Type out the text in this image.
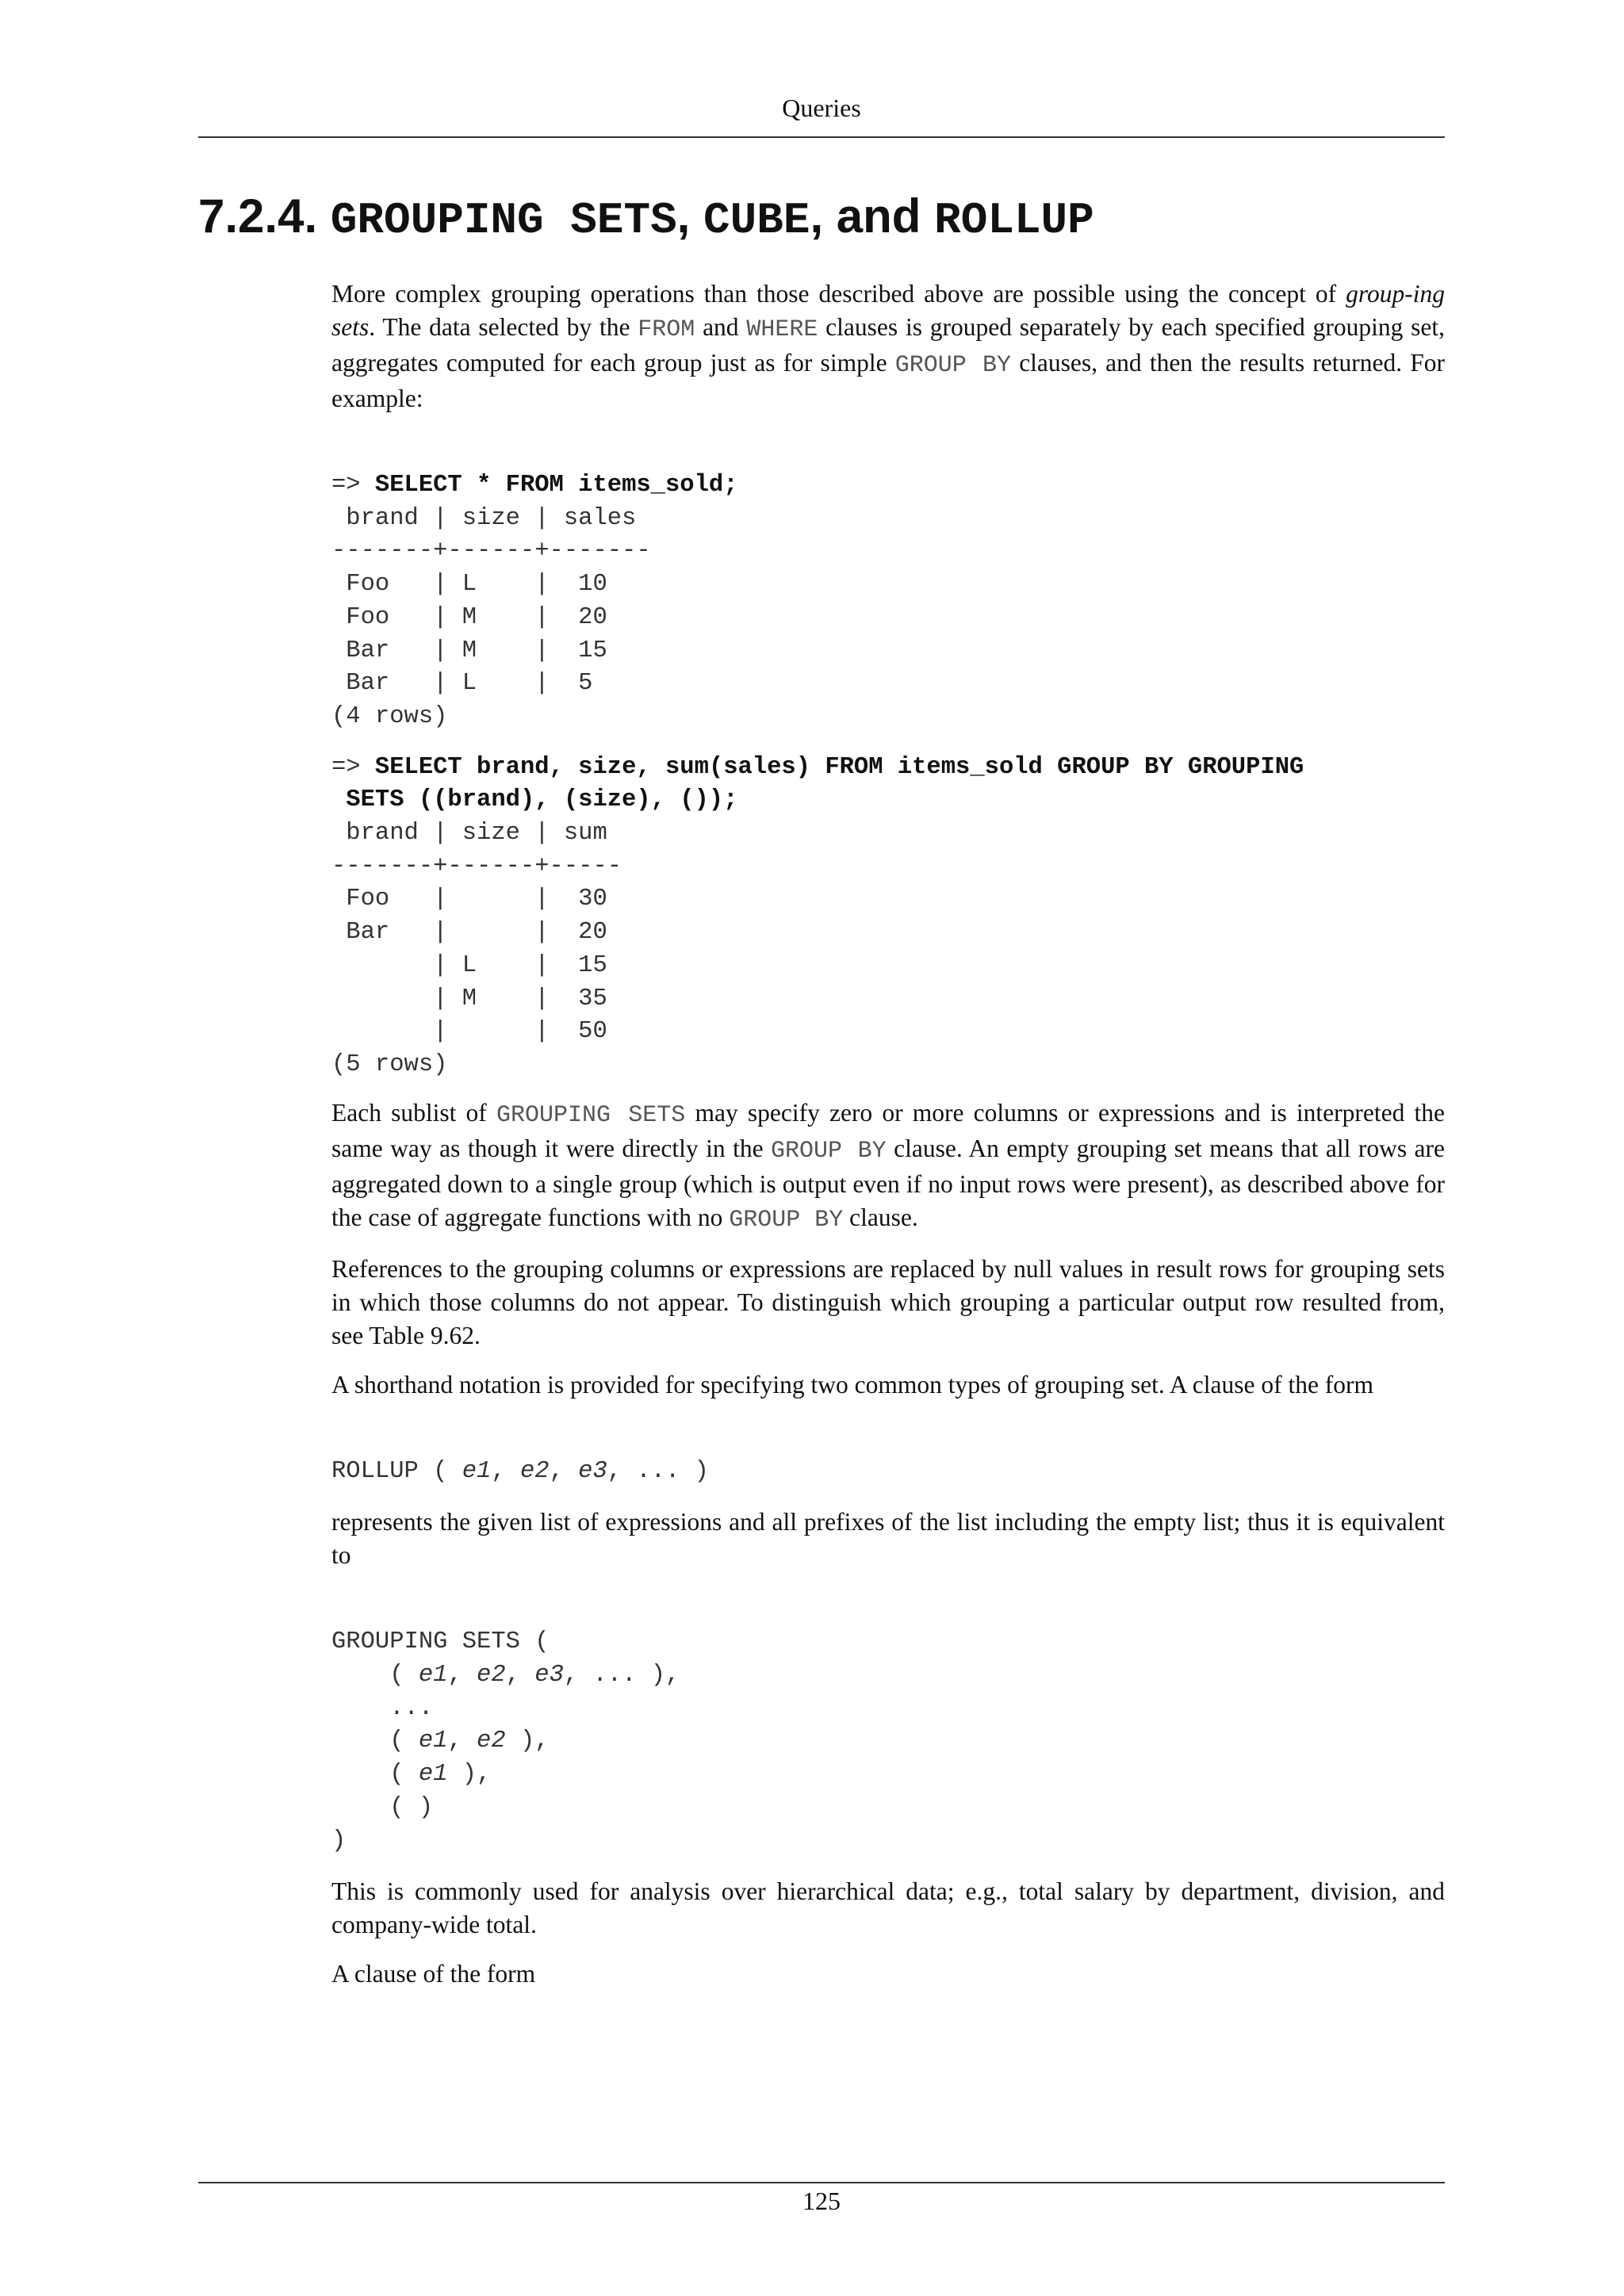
Queries
7.2.4. GROUPING SETS, CUBE, and ROLLUP

More complex grouping operations than those described above are possible using the concept of group-ing sets. The data selected by the FROM and WHERE clauses is grouped separately by each specified grouping set, aggregates computed for each group just as for simple GROUP BY clauses, and then the results returned. For example:

=> SELECT * FROM items_sold;
brand | size | sales
-------+------+-------
Foo   | L    |  10
Foo   | M    |  20
Bar   | M    |  15
Bar   | L    |  5
(4 rows)
=> SELECT brand, size, sum(sales) FROM items_sold GROUP BY GROUPING
SETS ((brand), (size), ());
brand | size | sum
-------+------+-----
Foo   |      |  30
Bar   |      |  20
| L    |  15
| M    |  35
|      |  50
(5 rows)

Each sublist of GROUPING SETS may specify zero or more columns or expressions and is interpreted the same way as though it were directly in the GROUP BY clause. An empty grouping set means that all rows are aggregated down to a single group (which is output even if no input rows were present), as described above for the case of aggregate functions with no GROUP BY clause.

References to the grouping columns or expressions are replaced by null values in result rows for grouping sets in which those columns do not appear. To distinguish which grouping a particular output row resulted from, see Table 9.62.

A shorthand notation is provided for specifying two common types of grouping set. A clause of the form

ROLLUP ( e1, e2, e3, ... )

represents the given list of expressions and all prefixes of the list including the empty list; thus it is equivalent to

GROUPING SETS (
( e1, e2, e3, ... ),
...
( e1, e2 ),
( e1 ),
( )
)

This is commonly used for analysis over hierarchical data; e.g., total salary by department, division, and company-wide total.

A clause of the form

125
